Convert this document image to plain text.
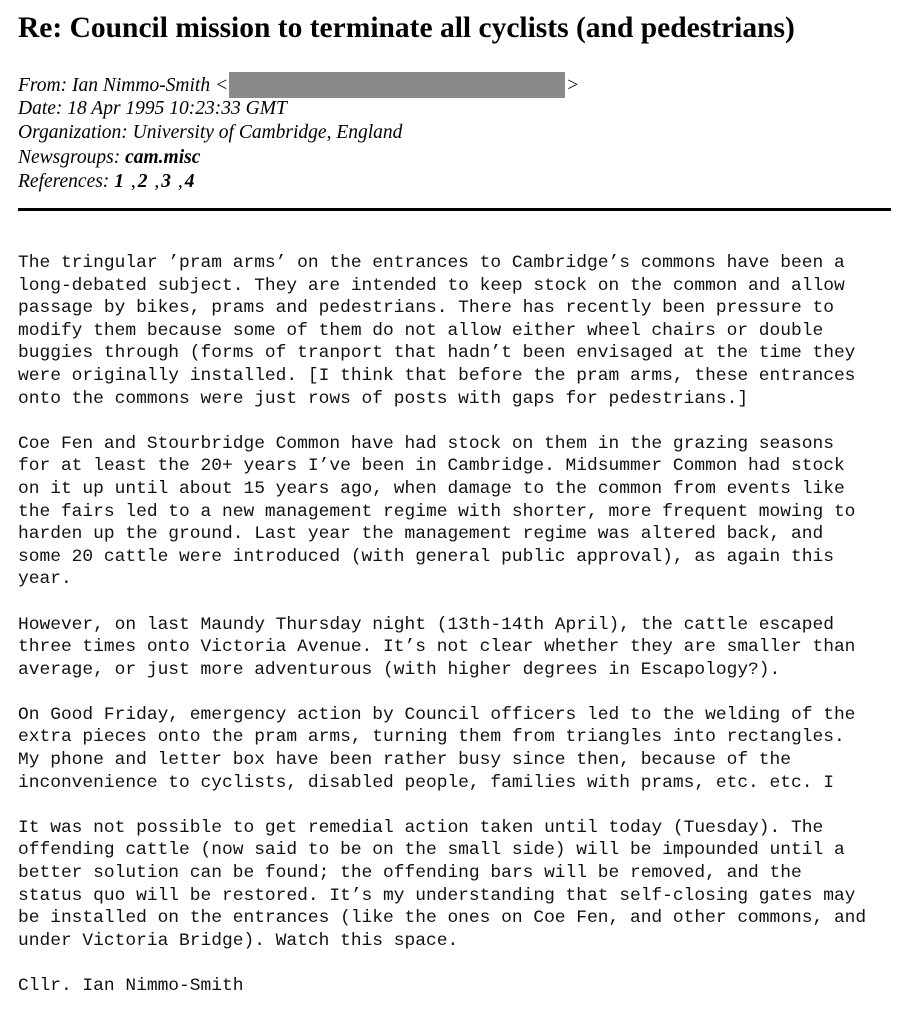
Re: Council mission to terminate all cyclists (and pedestrians)
From: Ian Nimmo-Smith <	>
Date: 18 Apr 1995 10:23:33 GMT
Organization: University of Cambridge, England
Newsgroups: cam.misc
References: 1 , 2 , 3 , 4
The tringular ’pram arms’ on the entrances to Cambridge’s commons have been a
long-debated subject. They are intended to keep stock on the common and allow
passage by bikes, prams and pedestrians. There has recently been pressure to
modify them because some of them do not allow either wheel chairs or double
buggies through (forms of tranport that hadn’t been envisaged at the time they
were originally installed. [I think that before the pram arms, these entrances
onto the commons were just rows of posts with gaps for pedestrians.]
Coe Fen and Stourbridge Common have had stock on them in the grazing seasons
for at least the 20+ years I’ve been in Cambridge. Midsummer Common had stock
on it up until about 15 years ago, when damage to the common from events like
the fairs led to a new management regime with shorter, more frequent mowing to
harden up the ground. Last year the management regime was altered back, and
some 20 cattle were introduced (with general public approval), as again this
year.
However, on last Maundy Thursday night (13th-14th April), the cattle escaped
three times onto Victoria Avenue. It’s not clear whether they are smaller than
average, or just more adventurous (with higher degrees in Escapology?).
On Good Friday, emergency action by Council officers led to the welding of the
extra pieces onto the pram arms, turning them from triangles into rectangles.
My phone and letter box have been rather busy since then, because of the
inconvenience to cyclists, disabled people, families with prams, etc. etc. I
It was not possible to get remedial action taken until today (Tuesday). The
offending cattle (now said to be on the small side) will be impounded until a
better solution can be found; the offending bars will be removed, and the
status quo will be restored. It’s my understanding that self-closing gates may
be installed on the entrances (like the ones on Coe Fen, and other commons, and
under Victoria Bridge). Watch this space.
Cllr. Ian Nimmo-Smith
